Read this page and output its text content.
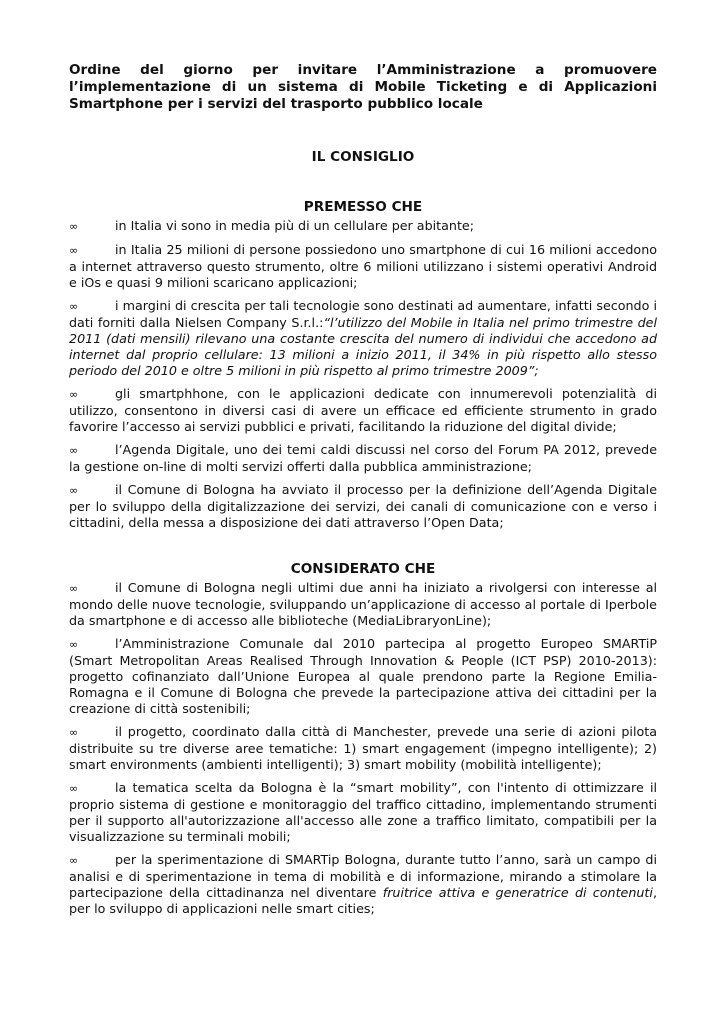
Ordine del giorno per invitare l’Amministrazione a promuovere l’implementazione di un sistema di Mobile Ticketing e di Applicazioni Smartphone per i servizi del trasporto pubblico locale

IL CONSIGLIO

PREMESSO CHE

∞	in Italia vi sono in media più di un cellulare per abitante;

∞	in Italia 25 milioni di persone possiedono uno smartphone di cui 16 milioni accedono a internet attraverso questo strumento, oltre 6 milioni utilizzano i sistemi operativi Android e iOs e quasi 9 milioni scaricano applicazioni;

∞	i margini di crescita per tali tecnologie sono destinati ad aumentare, infatti secondo i dati forniti dalla Nielsen Company S.r.l.:“l’utilizzo del Mobile in Italia nel primo trimestre del 2011 (dati mensili) rilevano una costante crescita del numero di individui che accedono ad internet dal proprio cellulare: 13 milioni a inizio 2011, il 34% in più rispetto allo stesso periodo del 2010 e oltre 5 milioni in più rispetto al primo trimestre 2009”;

∞	gli smartphhone, con le applicazioni dedicate con innumerevoli potenzialità di utilizzo, consentono in diversi casi di avere un efficace ed efficiente strumento in grado favorire l’accesso ai servizi pubblici e privati, facilitando la riduzione del digital divide;

∞	l’Agenda Digitale, uno dei temi caldi discussi nel corso del Forum PA 2012, prevede la gestione on-line di molti servizi offerti dalla pubblica amministrazione;

∞	il Comune di Bologna ha avviato il processo per la definizione dell’Agenda Digitale per lo sviluppo della digitalizzazione dei servizi, dei canali di comunicazione con e verso i cittadini, della messa a disposizione dei dati attraverso l’Open Data;

CONSIDERATO CHE

∞	il Comune di Bologna negli ultimi due anni ha iniziato a rivolgersi con interesse al mondo delle nuove tecnologie, sviluppando un’applicazione di accesso al portale di Iperbole da smartphone e di accesso alle biblioteche (MediaLibraryonLine);

∞	l’Amministrazione Comunale dal 2010 partecipa al progetto Europeo SMARTiP (Smart Metropolitan Areas Realised Through Innovation & People (ICT PSP) 2010-2013): progetto cofinanziato dall’Unione Europea al quale prendono parte la Regione Emilia-Romagna e il Comune di Bologna che prevede la partecipazione attiva dei cittadini per la creazione di città sostenibili;

∞	il progetto, coordinato dalla città di Manchester, prevede una serie di azioni pilota distribuite su tre diverse aree tematiche: 1) smart engagement (impegno intelligente); 2) smart environments (ambienti intelligenti); 3) smart mobility (mobilità intelligente);

∞	la tematica scelta da Bologna è la “smart mobility”, con l'intento di ottimizzare il proprio sistema di gestione e monitoraggio del traffico cittadino, implementando strumenti per il supporto all'autorizzazione all'accesso alle zone a traffico limitato, compatibili per la visualizzazione su terminali mobili;

∞	per la sperimentazione di SMARTip Bologna, durante tutto l’anno, sarà un campo di analisi e di sperimentazione in tema di mobilità e di informazione, mirando a stimolare la partecipazione della cittadinanza nel diventare fruitrice attiva e generatrice di contenuti, per lo sviluppo di applicazioni nelle smart cities;
